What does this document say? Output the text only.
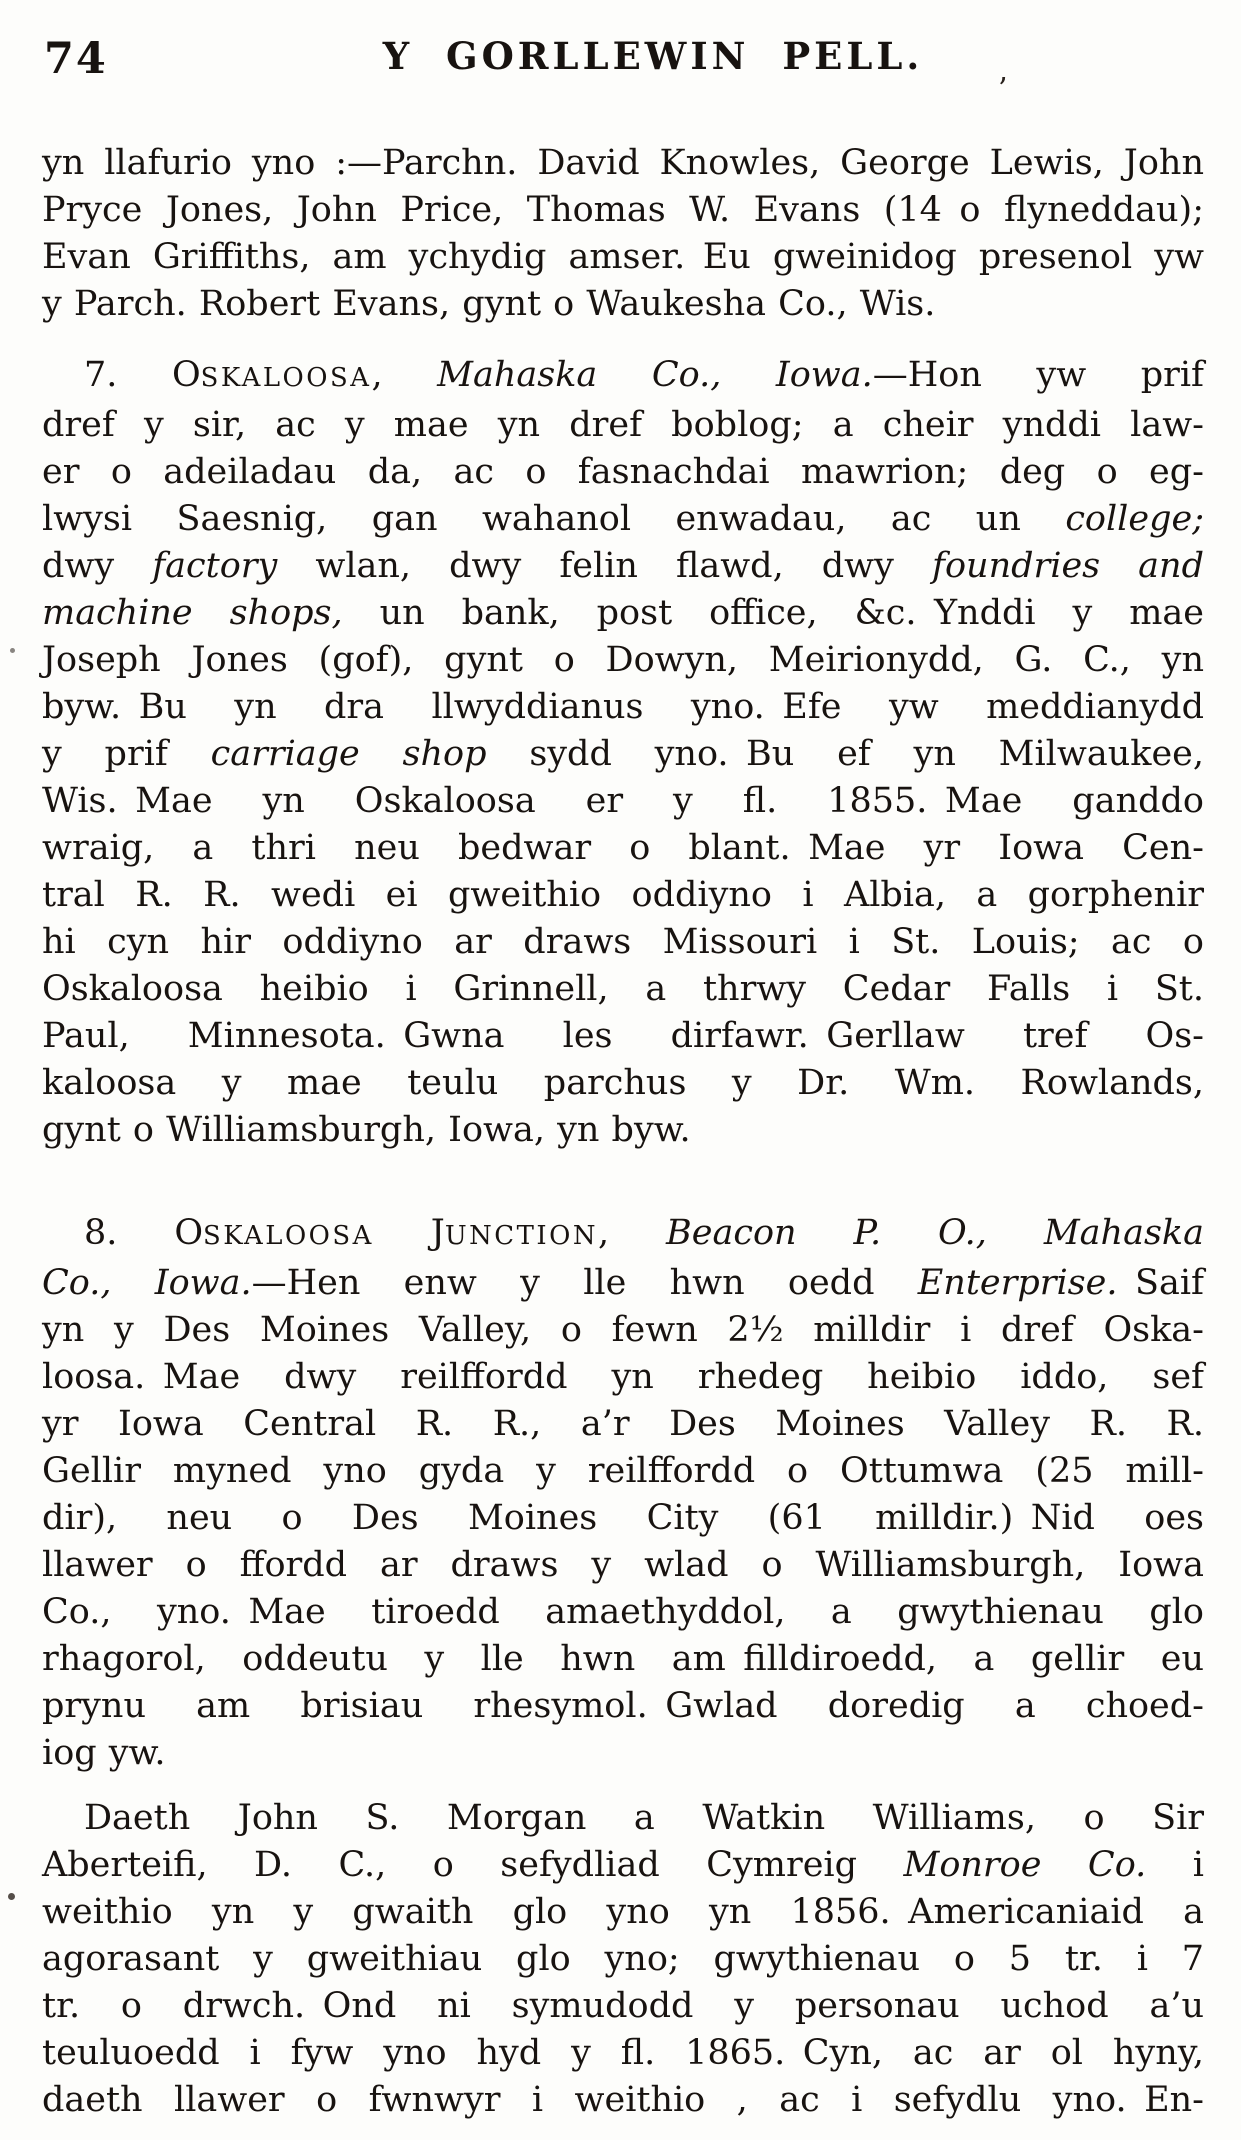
74	Y GORLLEWIN PELL.
yn llafurio yno :—Parchn. David Knowles, George Lewis, John
Pryce Jones, John Price, Thomas W. Evans (14 o flyneddau);
Evan Griffiths, am ychydig amser. Eu gweinidog presenol yw
y Parch. Robert Evans, gynt o Waukesha Co., Wis.
7. OSKALOOSA, Mahaska Co., Iowa.—Hon yw prif
dref y sir, ac y mae yn dref boblog; a cheir ynddi law-
er o adeiladau da, ac o fasnachdai mawrion; deg o eg-
lwysi Saesnig, gan wahanol enwadau, ac un college;
dwy factory wlan, dwy felin flawd, dwy foundries and
machine shops, un bank, post office, &c. Ynddi y mae
Joseph Jones (gof), gynt o Dowyn, Meirionydd, G. C., yn
byw. Bu yn dra llwyddianus yno. Efe yw meddianydd
y prif carriage shop sydd yno. Bu ef yn Milwaukee,
Wis. Mae yn Oskaloosa er y fl. 1855. Mae ganddo
wraig, a thri neu bedwar o blant. Mae yr Iowa Cen-
tral R. R. wedi ei gweithio oddiyno i Albia, a gorphenir
hi cyn hir oddiyno ar draws Missouri i St. Louis; ac o
Oskaloosa heibio i Grinnell, a thrwy Cedar Falls i St.
Paul, Minnesota. Gwna les dirfawr. Gerllaw tref Os-
kaloosa y mae teulu parchus y Dr. Wm. Rowlands,
gynt o Williamsburgh, Iowa, yn byw.
8. OSKALOOSA JUNCTION, Beacon P. O., Mahaska
Co., Iowa.—Hen enw y lle hwn oedd Enterprise. Saif
yn y Des Moines Valley, o fewn 2½ milldir i dref Oska-
loosa. Mae dwy reilffordd yn rhedeg heibio iddo, sef
yr Iowa Central R. R., a’r Des Moines Valley R. R.
Gellir myned yno gyda y reilffordd o Ottumwa (25 mill-
dir), neu o Des Moines City (61 milldir.) Nid oes
llawer o ffordd ar draws y wlad o Williamsburgh, Iowa
Co., yno. Mae tiroedd amaethyddol, a gwythienau glo
rhagorol, oddeutu y lle hwn am filldiroedd, a gellir eu
prynu am brisiau rhesymol. Gwlad doredig a choed-
iog yw.
Daeth John S. Morgan a Watkin Williams, o Sir
Aberteifi, D. C., o sefydliad Cymreig Monroe Co. i
weithio yn y gwaith glo yno yn 1856. Americaniaid a
agorasant y gweithiau glo yno; gwythienau o 5 tr. i 7
tr. o drwch. Ond ni symudodd y personau uchod a’u
teuluoedd i fyw yno hyd y fl. 1865. Cyn, ac ar ol hyny,
daeth llawer o fwnwyr i weithio , ac i sefydlu yno. En-
’
